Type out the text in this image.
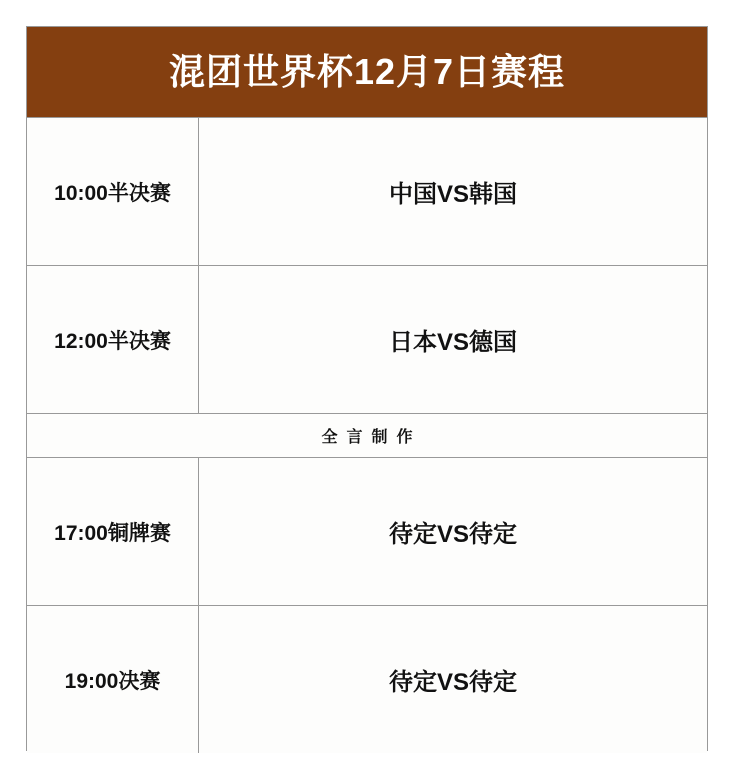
混团世界杯12月7日赛程
10:00半决赛	中国VS韩国
12:00半决赛	日本VS德国
全言制作
17:00铜牌赛	待定VS待定
19:00决赛	待定VS待定
